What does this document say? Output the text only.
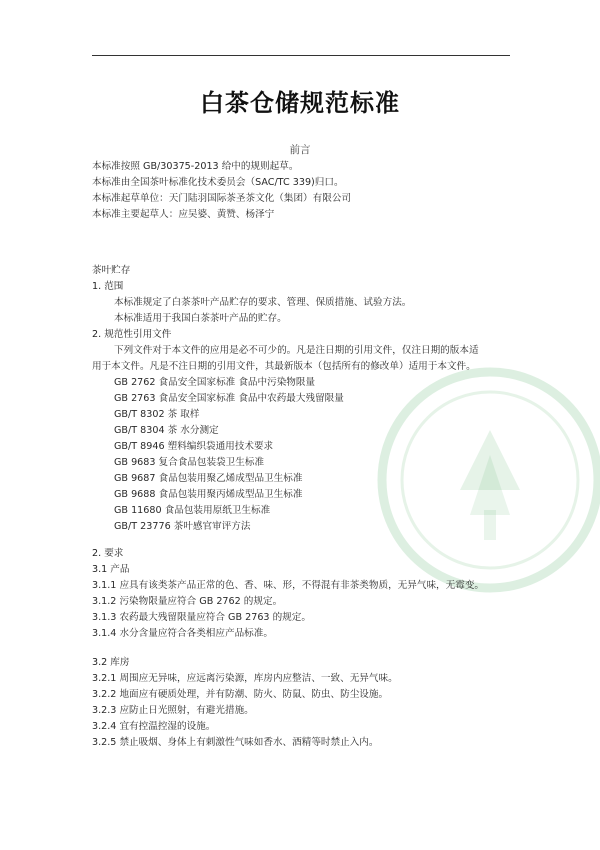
白茶仓储规范标准
前言
本标准按照 GB/30375-2013 给中的规则起草。
本标准由全国茶叶标准化技术委员会（SAC/TC 339)归口。
本标准起草单位：天门陆羽国际茶圣茶文化（集团）有限公司
本标准主要起草人：应吴婆、黄赞、杨泽宁
茶叶贮存
1. 范围
本标准规定了白茶茶叶产品贮存的要求、管理、保质措施、试验方法。
本标准适用于我国白茶茶叶产品的贮存。
2. 规范性引用文件
下列文件对于本文件的应用是必不可少的。凡是注日期的引用文件，仅注日期的版本适
用于本文件。凡是不注日期的引用文件，其最新版本（包括所有的修改单）适用于本文件。
GB 2762 食品安全国家标准 食品中污染物限量
GB 2763 食品安全国家标准 食品中农药最大残留限量
GB/T 8302 茶 取样
GB/T 8304 茶 水分测定
GB/T 8946 塑料编织袋通用技术要求
GB 9683 复合食品包装袋卫生标准
GB 9687 食品包装用聚乙烯成型品卫生标准
GB 9688 食品包装用聚丙烯成型品卫生标准
GB 11680 食品包装用原纸卫生标准
GB/T 23776 茶叶感官审评方法
2. 要求
3.1 产品
3.1.1 应具有该类茶产品正常的色、香、味、形，不得混有非茶类物质，无异气味，无霉变。
3.1.2 污染物限量应符合 GB 2762 的规定。
3.1.3 农药最大残留限量应符合 GB 2763 的规定。
3.1.4 水分含量应符合各类相应产品标准。
3.2 库房
3.2.1 周围应无异味，应远离污染源，库房内应整洁、一致、无异气味。
3.2.2 地面应有硬质处理，并有防潮、防火、防鼠、防虫、防尘设施。
3.2.3 应防止日光照射，有避光措施。
3.2.4 宜有控温控湿的设施。
3.2.5 禁止吸烟、身体上有刺激性气味如香水、酒精等时禁止入内。
